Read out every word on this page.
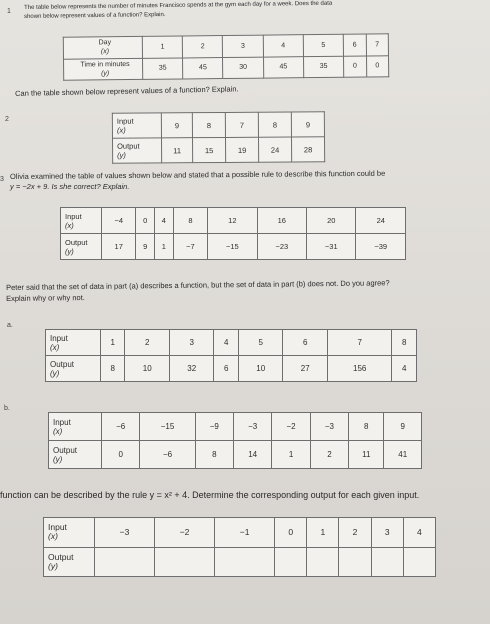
1
The table below represents the number of minutes Francisco spends at the gym each day for a week. Does the data
shown below represent values of a function? Explain.
Day
(x)	1	2	3	4	5	6	7

Time in minutes
(y)	35	45	30	45	35	0	0
2
Can the table shown below represent values of a function? Explain.
Input
(x)	9	8	7	8	9

Output
(y)	11	15	19	24	28
3 Olivia examined the table of values shown below and stated that a possible rule to describe this function could be
y = −2x + 9. Is she correct? Explain.
Input
(x)	−4	0	4	8	12	16	20	24

Output
(y)	17	9	1	−7	−15	−23	−31	−39
Peter said that the set of data in part (a) describes a function, but the set of data in part (b) does not. Do you agree?
Explain why or why not.
a.
Input
(x)	1	2	3	4	5	6	7	8

Output
(y)	8	10	32	6	10	27	156	4
b.
Input
(x)	−6	−15	−9	−3	−2	−3	8	9

Output
(y)	0	−6	8	14	1	2	11	41
function can be described by the rule y = x² + 4. Determine the corresponding output for each given input.
Input
(x)	−3	−2	−1	0	1	2	3	4

Output
(y)								
